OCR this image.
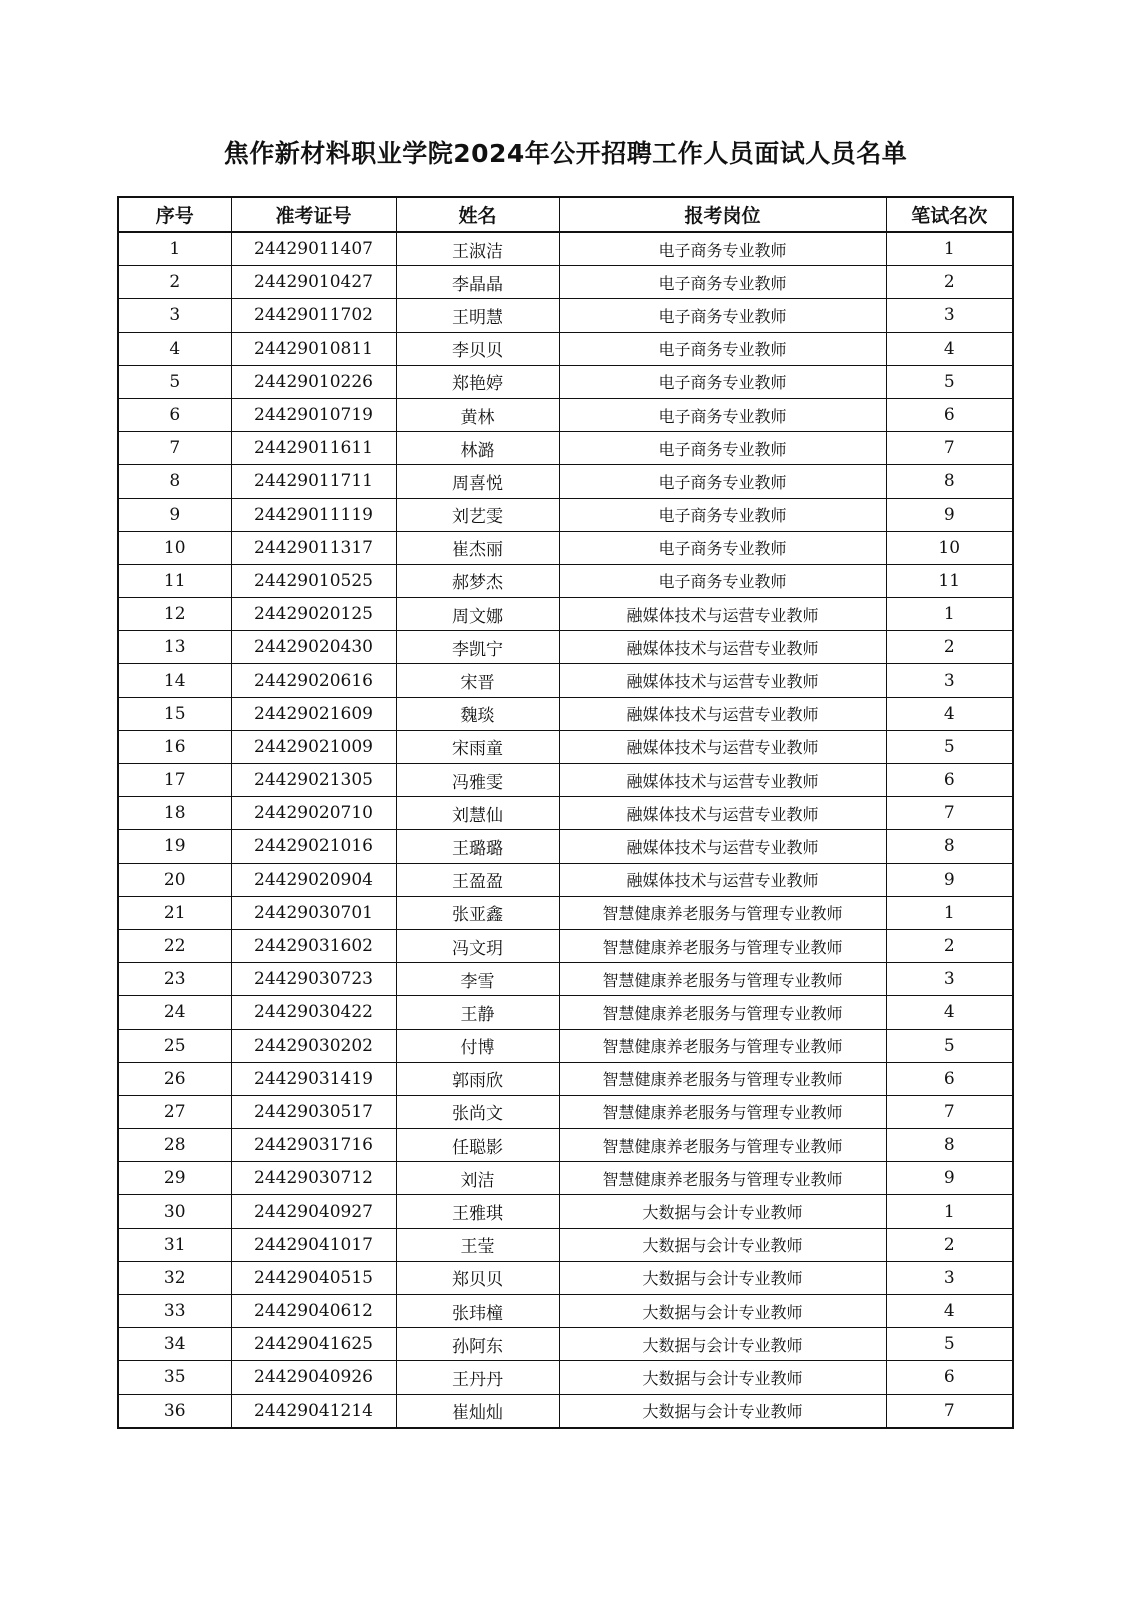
焦作新材料职业学院2024年公开招聘工作人员面试人员名单
序号	准考证号	姓名	报考岗位	笔试名次
1	24429011407	王淑洁	电子商务专业教师	1
2	24429010427	李晶晶	电子商务专业教师	2
3	24429011702	王明慧	电子商务专业教师	3
4	24429010811	李贝贝	电子商务专业教师	4
5	24429010226	郑艳婷	电子商务专业教师	5
6	24429010719	黄林	电子商务专业教师	6
7	24429011611	林潞	电子商务专业教师	7
8	24429011711	周喜悦	电子商务专业教师	8
9	24429011119	刘艺雯	电子商务专业教师	9
10	24429011317	崔杰丽	电子商务专业教师	10
11	24429010525	郝梦杰	电子商务专业教师	11
12	24429020125	周文娜	融媒体技术与运营专业教师	1
13	24429020430	李凯宁	融媒体技术与运营专业教师	2
14	24429020616	宋晋	融媒体技术与运营专业教师	3
15	24429021609	魏琰	融媒体技术与运营专业教师	4
16	24429021009	宋雨童	融媒体技术与运营专业教师	5
17	24429021305	冯雅雯	融媒体技术与运营专业教师	6
18	24429020710	刘慧仙	融媒体技术与运营专业教师	7
19	24429021016	王璐璐	融媒体技术与运营专业教师	8
20	24429020904	王盈盈	融媒体技术与运营专业教师	9
21	24429030701	张亚鑫	智慧健康养老服务与管理专业教师	1
22	24429031602	冯文玥	智慧健康养老服务与管理专业教师	2
23	24429030723	李雪	智慧健康养老服务与管理专业教师	3
24	24429030422	王静	智慧健康养老服务与管理专业教师	4
25	24429030202	付博	智慧健康养老服务与管理专业教师	5
26	24429031419	郭雨欣	智慧健康养老服务与管理专业教师	6
27	24429030517	张尚文	智慧健康养老服务与管理专业教师	7
28	24429031716	任聪影	智慧健康养老服务与管理专业教师	8
29	24429030712	刘洁	智慧健康养老服务与管理专业教师	9
30	24429040927	王雅琪	大数据与会计专业教师	1
31	24429041017	王莹	大数据与会计专业教师	2
32	24429040515	郑贝贝	大数据与会计专业教师	3
33	24429040612	张玮橦	大数据与会计专业教师	4
34	24429041625	孙阿东	大数据与会计专业教师	5
35	24429040926	王丹丹	大数据与会计专业教师	6
36	24429041214	崔灿灿	大数据与会计专业教师	7
